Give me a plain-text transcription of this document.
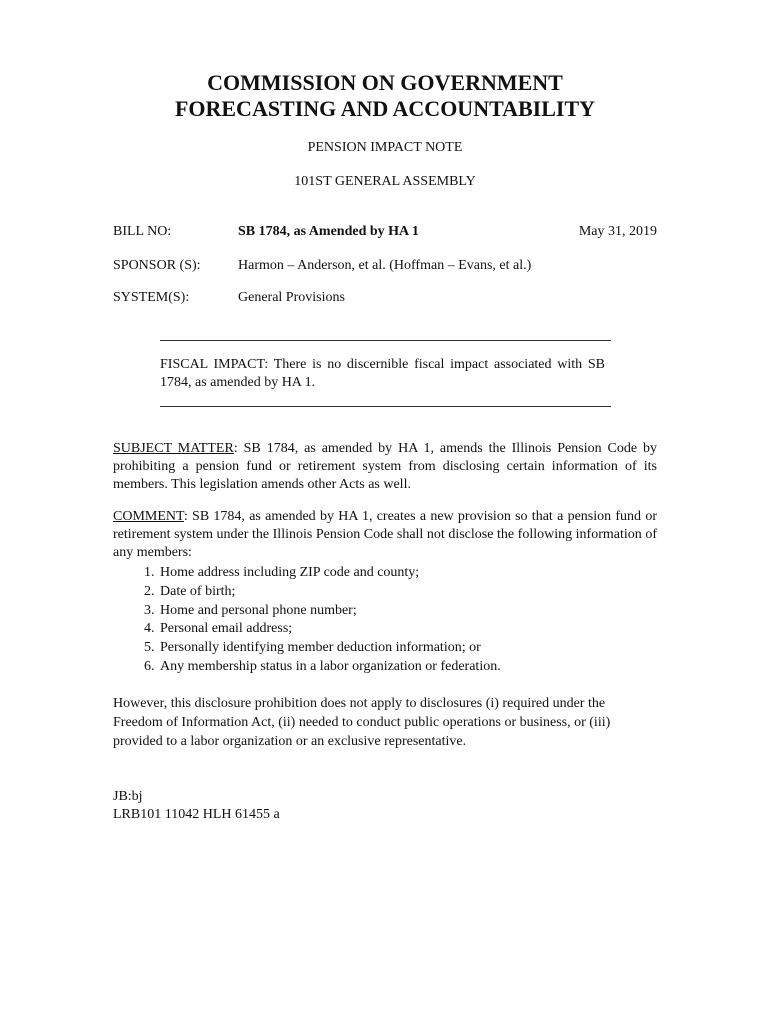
COMMISSION ON GOVERNMENT
FORECASTING AND ACCOUNTABILITY
PENSION IMPACT NOTE
101ST GENERAL ASSEMBLY
BILL NO:	SB 1784, as Amended by HA 1	May 31, 2019
SPONSOR (S):	Harmon – Anderson, et al. (Hoffman – Evans, et al.)
SYSTEM(S):	General Provisions
FISCAL IMPACT: There is no discernible fiscal impact associated with SB 1784, as amended by HA 1.
SUBJECT MATTER: SB 1784, as amended by HA 1, amends the Illinois Pension Code by prohibiting a pension fund or retirement system from disclosing certain information of its members. This legislation amends other Acts as well.
COMMENT: SB 1784, as amended by HA 1, creates a new provision so that a pension fund or retirement system under the Illinois Pension Code shall not disclose the following information of any members:
1. Home address including ZIP code and county;
2. Date of birth;
3. Home and personal phone number;
4. Personal email address;
5. Personally identifying member deduction information; or
6. Any membership status in a labor organization or federation.
However, this disclosure prohibition does not apply to disclosures (i) required under the Freedom of Information Act, (ii) needed to conduct public operations or business, or (iii) provided to a labor organization or an exclusive representative.
JB:bj
LRB101 11042 HLH 61455 a
